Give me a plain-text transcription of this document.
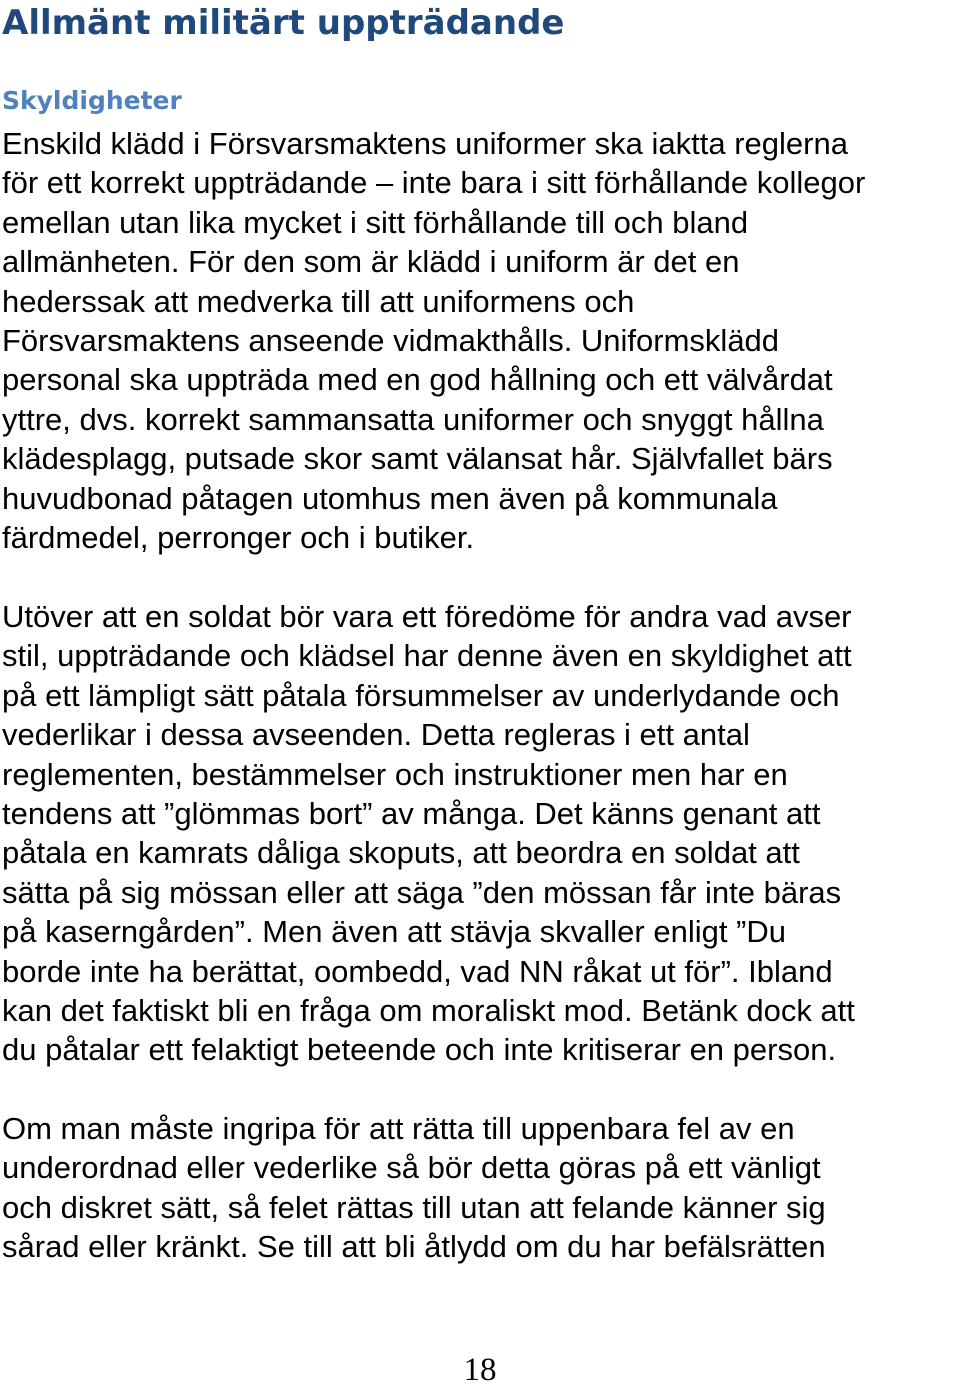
Allmänt militärt uppträdande
Skyldigheter

Enskild klädd i Försvarsmaktens uniformer ska iaktta reglerna
för ett korrekt uppträdande – inte bara i sitt förhållande kollegor
emellan utan lika mycket i sitt förhållande till och bland
allmänheten. För den som är klädd i uniform är det en
hederssak att medverka till att uniformens och
Försvarsmaktens anseende vidmakthålls. Uniformsklädd
personal ska uppträda med en god hållning och ett välvårdat
yttre, dvs. korrekt sammansatta uniformer och snyggt hållna
klädesplagg, putsade skor samt välansat hår. Självfallet bärs
huvudbonad påtagen utomhus men även på kommunala
färdmedel, perronger och i butiker.

Utöver att en soldat bör vara ett föredöme för andra vad avser
stil, uppträdande och klädsel har denne även en skyldighet att
på ett lämpligt sätt påtala försummelser av underlydande och
vederlikar i dessa avseenden. Detta regleras i ett antal
reglementen, bestämmelser och instruktioner men har en
tendens att ”glömmas bort” av många. Det känns genant att
påtala en kamrats dåliga skoputs, att beordra en soldat att
sätta på sig mössan eller att säga ”den mössan får inte bäras
på kaserngården”. Men även att stävja skvaller enligt ”Du
borde inte ha berättat, oombedd, vad NN råkat ut för”. Ibland
kan det faktiskt bli en fråga om moraliskt mod. Betänk dock att
du påtalar ett felaktigt beteende och inte kritiserar en person.

Om man måste ingripa för att rätta till uppenbara fel av en
underordnad eller vederlike så bör detta göras på ett vänligt
och diskret sätt, så felet rättas till utan att felande känner sig
sårad eller kränkt. Se till att bli åtlydd om du har befälsrätten

18
